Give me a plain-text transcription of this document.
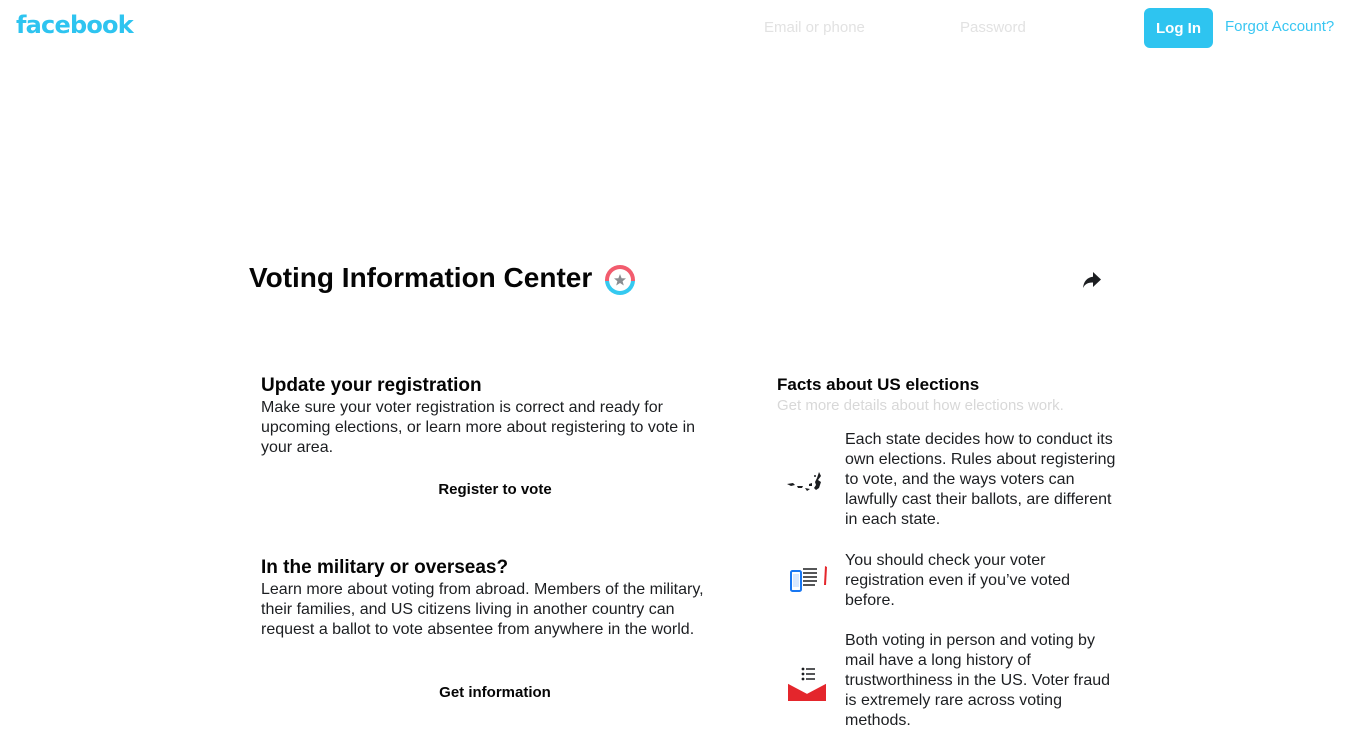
facebook
Email or phone	Log In	Forgot Account?
Voting Information Center
Update your registration

Make sure your voter registration is correct and ready for upcoming elections, or learn more about registering to vote in your area.

Register to vote
In the military or overseas?

Learn more about voting from abroad. Members of the military, their families, and US citizens living in another country can request a ballot to vote absentee from anywhere in the world.

Get information
Facts about US elections

Get more details about how elections work.

Each state decides how to conduct its own elections. Rules about registering to vote, and the ways voters can lawfully cast their ballots, are different in each state.
You should check your voter registration even if you’ve voted before.
Both voting in person and voting by mail have a long history of trustworthiness in the US. Voter fraud is extremely rare across voting methods.
